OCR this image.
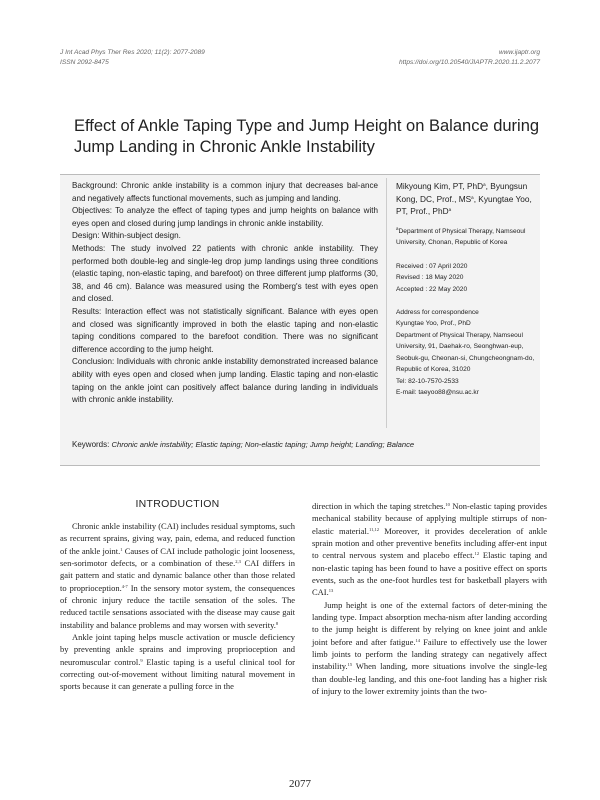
J Int Acad Phys Ther Res 2020; 11(2): 2077-2089
ISSN 2092-8475
www.ijaptr.org
https://doi.org/10.20540/JIAPTR.2020.11.2.2077
Effect of Ankle Taping Type and Jump Height on Balance during Jump Landing in Chronic Ankle Instability

Background: Chronic ankle instability is a common injury that decreases bal-ance and negatively affects functional movements, such as jumping and landing.

Objectives: To analyze the effect of taping types and jump heights on balance with eyes open and closed during jump landings in chronic ankle instability.

Design: Within-subject design.

Methods: The study involved 22 patients with chronic ankle instability. They performed both double-leg and single-leg drop jump landings using three conditions (elastic taping, non-elastic taping, and barefoot) on three different jump platforms (30, 38, and 46 cm). Balance was measured using the Romberg's test with eyes open and closed.

Results: Interaction effect was not statistically significant. Balance with eyes open and closed was significantly improved in both the elastic taping and non-elastic taping conditions compared to the barefoot condition. There was no significant difference according to the jump height.

Conclusion: Individuals with chronic ankle instability demonstrated increased balance ability with eyes open and closed when jump landing. Elastic taping and non-elastic taping on the ankle joint can positively affect balance during landing in individuals with chronic ankle instability.

Mikyoung Kim, PT, PhD$^a$, Byungsun Kong, DC, Prof., $MS^a$, Kyungtae Yoo, PT, Prof., PhD$^a$

$^a$Department of Physical Therapy, Namseoul University, Chonan, Republic of Korea

Received : 07 April 2020

Revised : 18 May 2020

Accepted : 22 May 2020

Address for correspondence

Kyungtae Yoo, Prof., PhD

Department of Physical Therapy, Namseoul University, 91, Daehak-ro, Seonghwan-eup, Seobuk-gu, Cheonan-si, Chungcheongnam-do, Republic of Korea, 31020

Tel: 82-10-7570-2533

E-mail: taeyoo88@nsu.ac.kr

Keywords: Chronic ankle instability; Elastic taping; Non-elastic taping; Jump height; Landing; Balance
INTRODUCTION

Chronic ankle instability (CAI) includes residual symptoms, such as recurrent sprains, giving way, pain, edema, and reduced function of the ankle joint.$^1$ Causes of CAI include pathologic joint looseness, sen-sorimotor defects, or a combination of these.$^{2,3}$ CAI differs in gait pattern and static and dynamic balance other than those related to proprioception.$^{4-7}$ In the sensory motor system, the consequences of chronic injury reduce the tactile sensation of the soles. The reduced tactile sensations associated with the disease may cause gait instability and balance problems and may worsen with severity.$^8$

Ankle joint taping helps muscle activation or muscle deficiency by preventing ankle sprains and improving proprioception and neuromuscular control.$^9$ Elastic taping is a useful clinical tool for correcting out-of-movement without limiting natural movement in sports because it can generate a pulling force in the

direction in which the taping stretches.$^{10}$ Non-elastic taping provides mechanical stability because of applying multiple stirrups of non-elastic material.$^{11,12}$ Moreover, it provides deceleration of ankle sprain motion and other preventive benefits including affer-ent input to central nervous system and placebo effect.$^{12}$ Elastic taping and non-elastic taping has been found to have a positive effect on sports events, such as the one-foot hurdles test for basketball players with CAI.$^{13}$

Jump height is one of the external factors of deter-mining the landing type. Impact absorption mecha-nism after landing according to the jump height is different by relying on knee joint and ankle joint before and after fatigue.$^{14}$ Failure to effectively use the lower limb joints to perform the landing strategy can negatively affect instability.$^{15}$ When landing, more situations involve the single-leg than double-leg landing, and this one-foot landing has a higher risk of injury to the lower extremity joints than the two-

2077
